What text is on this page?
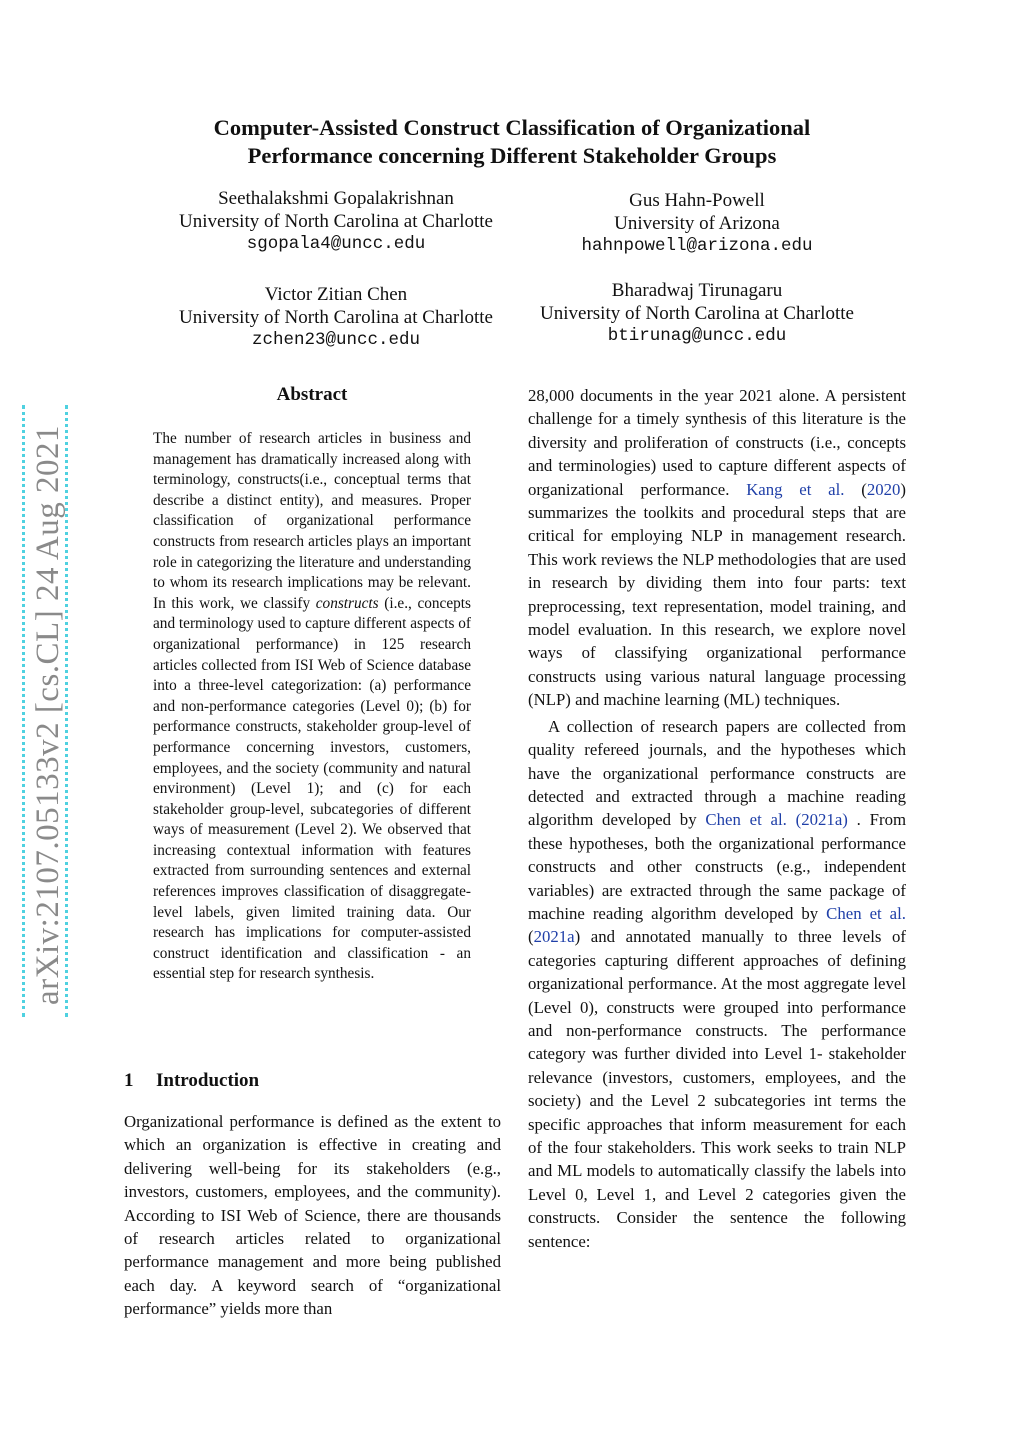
Computer-Assisted Construct Classification of Organizational
Performance concerning Different Stakeholder Groups
Seethalakshmi Gopalakrishnan
University of North Carolina at Charlotte
sgopala4@uncc.edu
Gus Hahn-Powell
University of Arizona
hahnpowell@arizona.edu
Victor Zitian Chen
University of North Carolina at Charlotte
zchen23@uncc.edu
Bharadwaj Tirunagaru
University of North Carolina at Charlotte
btirunag@uncc.edu
arXiv:2107.05133v2 [cs.CL] 24 Aug 2021
Abstract
The number of research articles in business and management has dramatically increased along with terminology, constructs(i.e., conceptual terms that describe a distinct entity), and measures. Proper classification of organizational performance constructs from research articles plays an important role in categorizing the literature and understanding to whom its research implications may be relevant. In this work, we classify constructs (i.e., concepts and terminology used to capture different aspects of organizational performance) in 125 research articles collected from ISI Web of Science database into a three-level categorization: (a) performance and non-performance categories (Level 0); (b) for performance constructs, stakeholder group-level of performance concerning investors, customers, employees, and the society (community and natural environment) (Level 1); and (c) for each stakeholder group-level, subcategories of different ways of measurement (Level 2). We observed that increasing contextual information with features extracted from surrounding sentences and external references improves classification of disaggregate-level labels, given limited training data. Our research has implications for computer-assisted construct identification and classification - an essential step for research synthesis.
1 Introduction
Organizational performance is defined as the extent to which an organization is effective in creating and delivering well-being for its stakeholders (e.g., investors, customers, employees, and the community). According to ISI Web of Science, there are thousands of research articles related to organizational performance management and more being published each day. A keyword search of “organizational performance” yields more than

28,000 documents in the year 2021 alone. A persistent challenge for a timely synthesis of this literature is the diversity and proliferation of constructs (i.e., concepts and terminologies) used to capture different aspects of organizational performance. Kang et al. (2020) summarizes the toolkits and procedural steps that are critical for employing NLP in management research. This work reviews the NLP methodologies that are used in research by dividing them into four parts: text preprocessing, text representation, model training, and model evaluation. In this research, we explore novel ways of classifying organizational performance constructs using various natural language processing (NLP) and machine learning (ML) techniques.

A collection of research papers are collected from quality refereed journals, and the hypotheses which have the organizational performance constructs are detected and extracted through a machine reading algorithm developed by Chen et al. (2021a) . From these hypotheses, both the organizational performance constructs and other constructs (e.g., independent variables) are extracted through the same package of machine reading algorithm developed by Chen et al. (2021a) and annotated manually to three levels of categories capturing different approaches of defining organizational performance. At the most aggregate level (Level 0), constructs were grouped into performance and non-performance constructs. The performance category was further divided into Level 1- stakeholder relevance (investors, customers, employees, and the society) and the Level 2 subcategories int terms the specific approaches that inform measurement for each of the four stakeholders. This work seeks to train NLP and ML models to automatically classify the labels into Level 0, Level 1, and Level 2 categories given the constructs. Consider the sentence the following sentence:
